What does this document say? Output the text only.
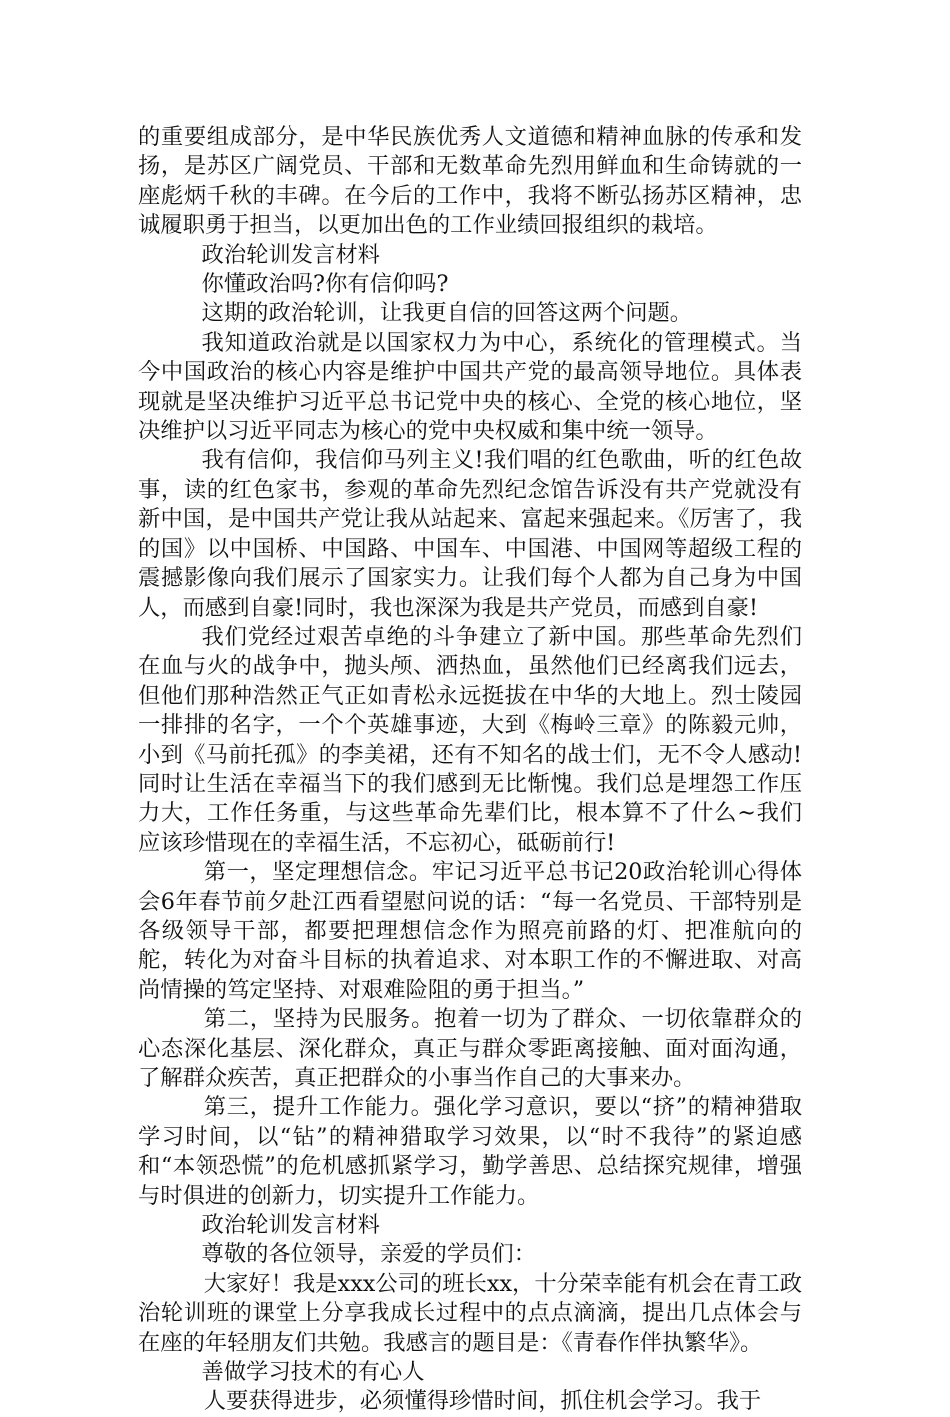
的重要组成部分，是中华民族优秀人文道德和精神血脉的传承和发扬，是苏区广阔党员、干部和无数革命先烈用鲜血和生命铸就的一座彪炳千秋的丰碑。在今后的工作中，我将不断弘扬苏区精神，忠诚履职勇于担当，以更加出色的工作业绩回报组织的栽培。

政治轮训发言材料

你懂政治吗?你有信仰吗?

这期的政治轮训，让我更自信的回答这两个问题。

我知道政治就是以国家权力为中心，系统化的管理模式。当今中国政治的核心内容是维护中国共产党的最高领导地位。具体表现就是坚决维护习近平总书记党中央的核心、全党的核心地位，坚决维护以习近平同志为核心的党中央权威和集中统一领导。

我有信仰，我信仰马列主义!我们唱的红色歌曲，听的红色故事，读的红色家书，参观的革命先烈纪念馆告诉没有共产党就没有新中国，是中国共产党让我从站起来、富起来强起来。《厉害了，我的国》以中国桥、中国路、中国车、中国港、中国网等超级工程的震撼影像向我们展示了国家实力。让我们每个人都为自己身为中国人，而感到自豪!同时，我也深深为我是共产党员，而感到自豪!

我们党经过艰苦卓绝的斗争建立了新中国。那些革命先烈们在血与火的战争中，抛头颅、洒热血，虽然他们已经离我们远去，但他们那种浩然正气正如青松永远挺拔在中华的大地上。烈士陵园一排排的名字，一个个英雄事迹，大到《梅岭三章》的陈毅元帅，小到《马前托孤》的李美裙，还有不知名的战士们，无不令人感动!同时让生活在幸福当下的我们感到无比惭愧。我们总是埋怨工作压力大，工作任务重，与这些革命先辈们比，根本算不了什么~我们应该珍惜现在的幸福生活，不忘初心，砥砺前行!

第一，坚定理想信念。牢记习近平总书记20政治轮训心得体会6年春节前夕赴江西看望慰问说的话：“每一名党员、干部特别是各级领导干部，都要把理想信念作为照亮前路的灯、把准航向的舵，转化为对奋斗目标的执着追求、对本职工作的不懈进取、对高尚情操的笃定坚持、对艰难险阻的勇于担当。”

第二，坚持为民服务。抱着一切为了群众、一切依靠群众的心态深化基层、深化群众，真正与群众零距离接触、面对面沟通，了解群众疾苦，真正把群众的小事当作自己的大事来办。

第三，提升工作能力。强化学习意识，要以“挤”的精神猎取学习时间，以“钻”的精神猎取学习效果，以“时不我待”的紧迫感和“本领恐慌”的危机感抓紧学习，勤学善思、总结探究规律，增强与时俱进的创新力，切实提升工作能力。

政治轮训发言材料

尊敬的各位领导，亲爱的学员们：

大家好！我是xxx公司的班长xx，十分荣幸能有机会在青工政治轮训班的课堂上分享我成长过程中的点点滴滴，提出几点体会与在座的年轻朋友们共勉。我感言的题目是：《青春作伴执繁华》。

善做学习技术的有心人

人要获得进步，必须懂得珍惜时间，抓住机会学习。我于
